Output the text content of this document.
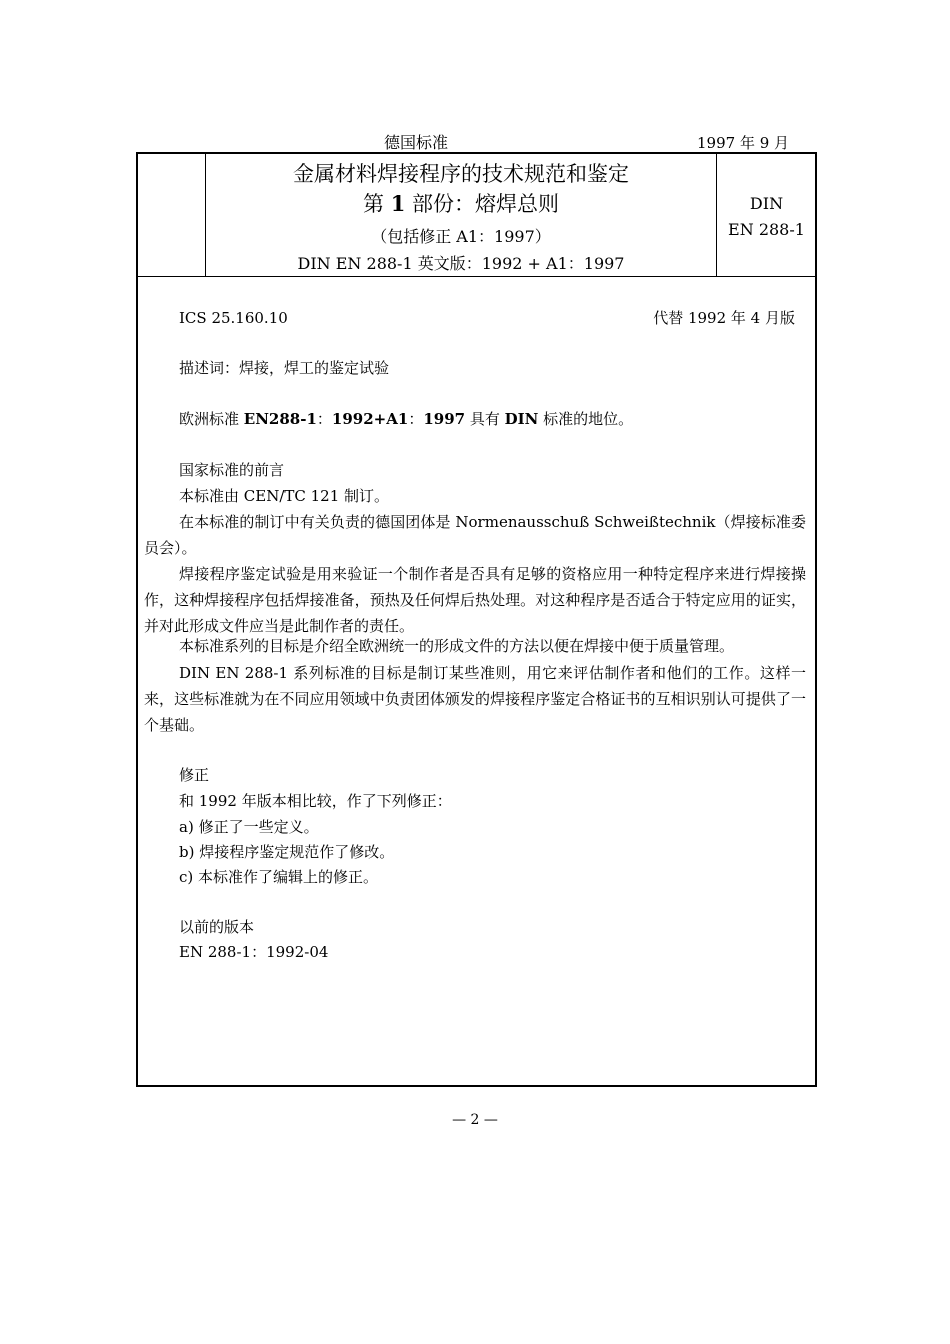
德国标准	1997 年 9 月
金属材料焊接程序的技术规范和鉴定
第 1 部份：熔焊总则
（包括修正 A1：1997）
DIN EN 288-1 英文版：1992 + A1：1997
DIN
EN 288-1
ICS 25.160.10	代替 1992 年 4 月版
描述词：焊接，焊工的鉴定试验
欧洲标准 EN288-1：1992+A1：1997 具有 DIN 标准的地位。
国家标准的前言
本标准由 CEN/TC 121 制订。
在本标准的制订中有关负责的德国团体是 Normenausschuß Schweißtechnik（焊接标准委员会）。
焊接程序鉴定试验是用来验证一个制作者是否具有足够的资格应用一种特定程序来进行焊接操作，这种焊接程序包括焊接准备，预热及任何焊后热处理。对这种程序是否适合于特定应用的证实，并对此形成文件应当是此制作者的责任。
本标准系列的目标是介绍全欧洲统一的形成文件的方法以便在焊接中便于质量管理。
DIN EN 288-1 系列标准的目标是制订某些准则，用它来评估制作者和他们的工作。这样一来，这些标准就为在不同应用领域中负责团体颁发的焊接程序鉴定合格证书的互相识别认可提供了一个基础。
修正
和 1992 年版本相比较，作了下列修正：
a) 修正了一些定义。
b) 焊接程序鉴定规范作了修改。
c) 本标准作了编辑上的修正。
以前的版本
EN 288-1：1992-04
— 2 —
